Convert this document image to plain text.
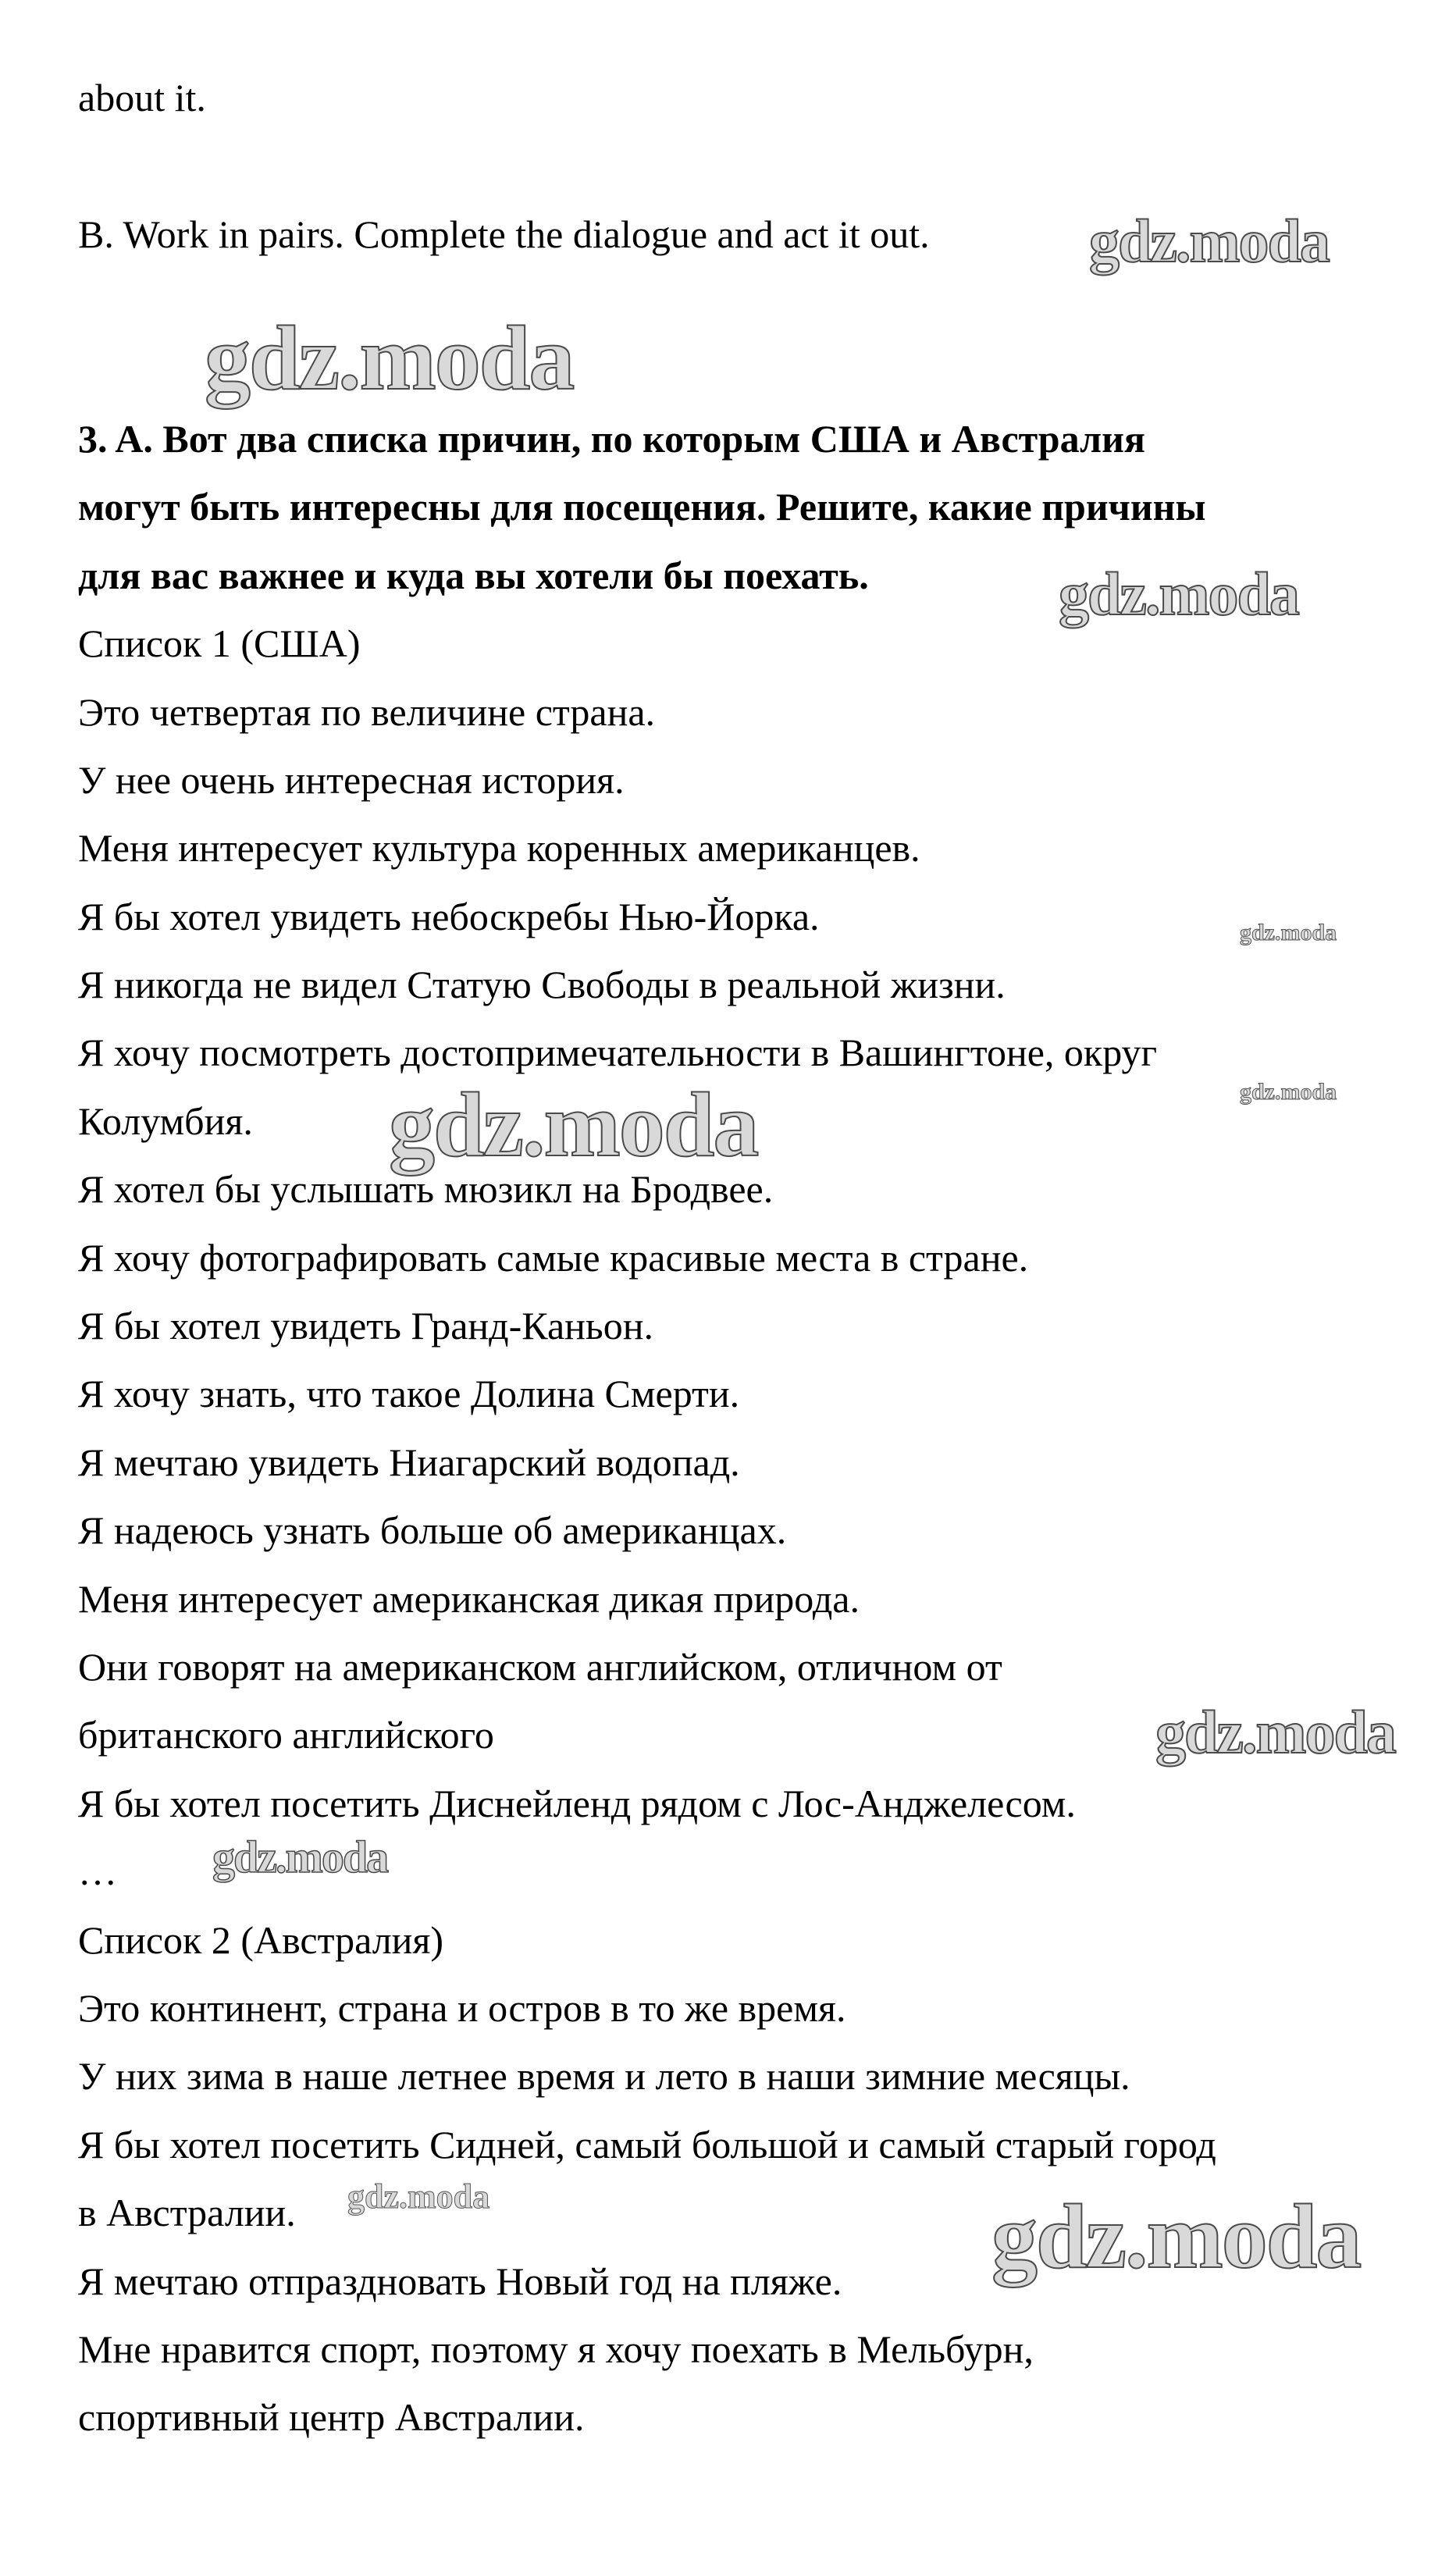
about it.
B. Work in pairs. Complete the dialogue and act it out.
3. A. Вот два списка причин, по которым США и Австралия
могут быть интересны для посещения. Решите, какие причины
для вас важнее и куда вы хотели бы поехать.
Список 1 (США)
Это четвертая по величине страна.
У нее очень интересная история.
Меня интересует культура коренных американцев.
Я бы хотел увидеть небоскребы Нью-Йорка.
Я никогда не видел Статую Свободы в реальной жизни.
Я хочу посмотреть достопримечательности в Вашингтоне, округ
Колумбия.
Я хотел бы услышать мюзикл на Бродвее.
Я хочу фотографировать самые красивые места в стране.
Я бы хотел увидеть Гранд-Каньон.
Я хочу знать, что такое Долина Смерти.
Я мечтаю увидеть Ниагарский водопад.
Я надеюсь узнать больше об американцах.
Меня интересует американская дикая природа.
Они говорят на американском английском, отличном от
британского английского
Я бы хотел посетить Диснейленд рядом с Лос-Анджелесом.
…
Список 2 (Австралия)
Это континент, страна и остров в то же время.
У них зима в наше летнее время и лето в наши зимние месяцы.
Я бы хотел посетить Сидней, самый большой и самый старый город
в Австралии.
Я мечтаю отпраздновать Новый год на пляже.
Мне нравится спорт, поэтому я хочу поехать в Мельбурн,
спортивный центр Австралии.
gdz.moda
gdz.moda
gdz.moda
gdz.moda
gdz.moda
gdz.moda
gdz.moda
gdz.moda
gdz.moda	gdz.moda
